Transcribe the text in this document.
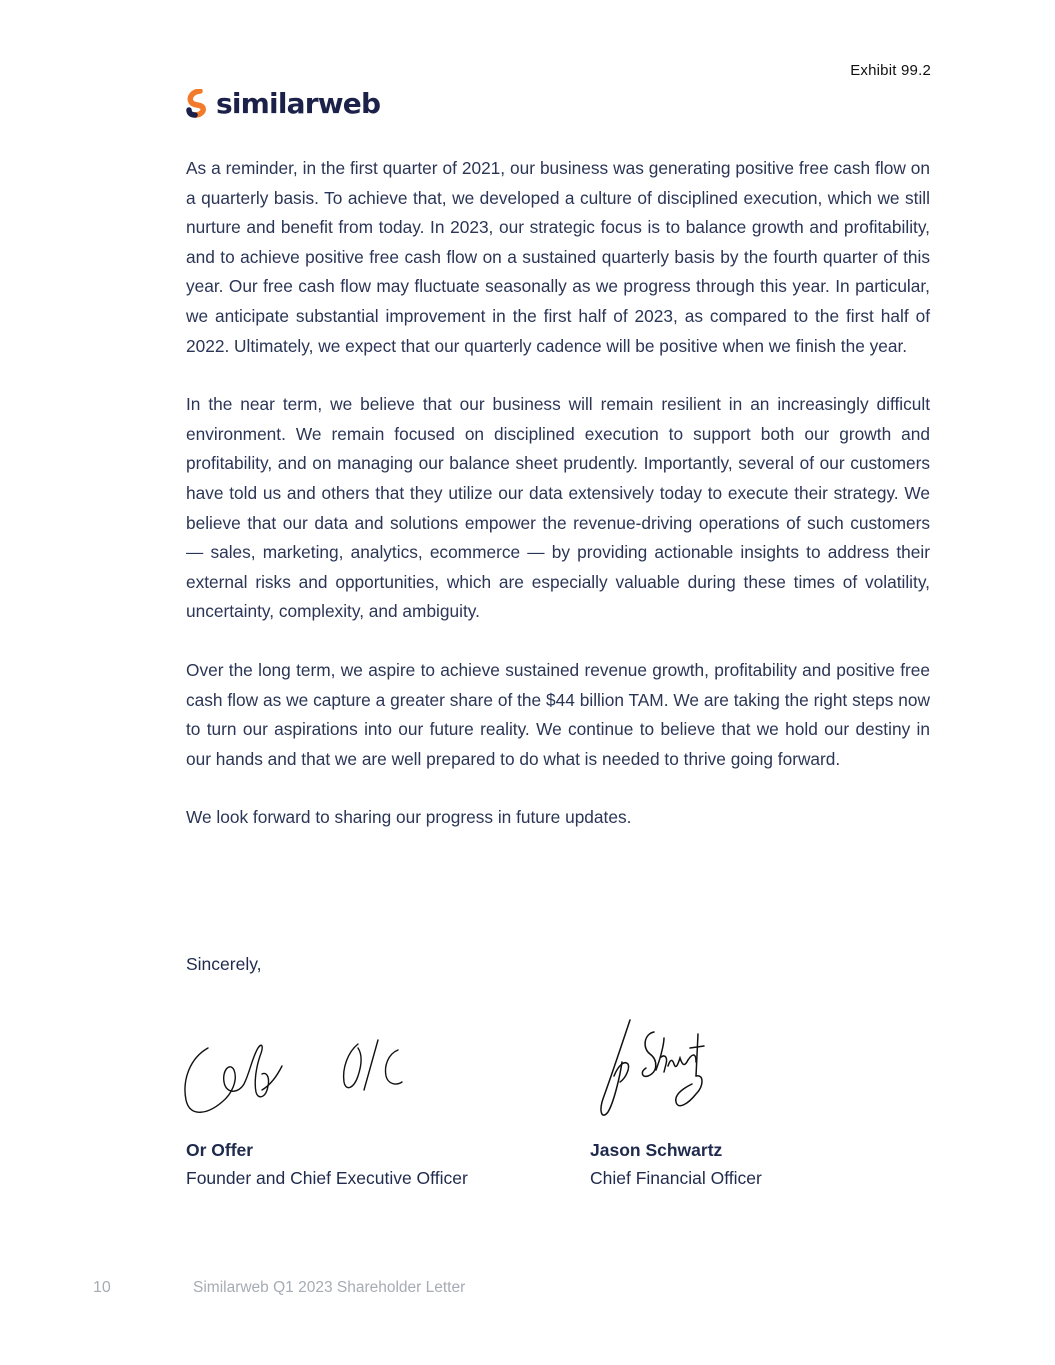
Exhibit 99.2
similarweb

As a reminder, in the first quarter of 2021, our business was generating positive free cash flow on a quarterly basis. To achieve that, we developed a culture of disciplined execution, which we still nurture and benefit from today. In 2023, our strategic focus is to balance growth and profitability, and to achieve positive free cash flow on a sustained quarterly basis by the fourth quarter of this year. Our free cash flow may fluctuate seasonally as we progress through this year. In particular, we anticipate substantial improvement in the first half of 2023, as compared to the first half of 2022. Ultimately, we expect that our quarterly cadence will be positive when we finish the year.

In the near term, we believe that our business will remain resilient in an increasingly difficult environment. We remain focused on disciplined execution to support both our growth and profitability, and on managing our balance sheet prudently. Importantly, several of our customers have told us and others that they utilize our data extensively today to execute their strategy. We believe that our data and solutions empower the revenue-driving operations of such customers — sales, marketing, analytics, ecommerce — by providing actionable insights to address their external risks and opportunities, which are especially valuable during these times of volatility, uncertainty, complexity, and ambiguity.

Over the long term, we aspire to achieve sustained revenue growth, profitability and positive free cash flow as we capture a greater share of the $44 billion TAM. We are taking the right steps now to turn our aspirations into our future reality. We continue to believe that we hold our destiny in our hands and that we are well prepared to do what is needed to thrive going forward.

We look forward to sharing our progress in future updates.

Sincerely,
Or Offer
Founder and Chief Executive Officer
Jason Schwartz
Chief Financial Officer
10	Similarweb Q1 2023 Shareholder Letter
